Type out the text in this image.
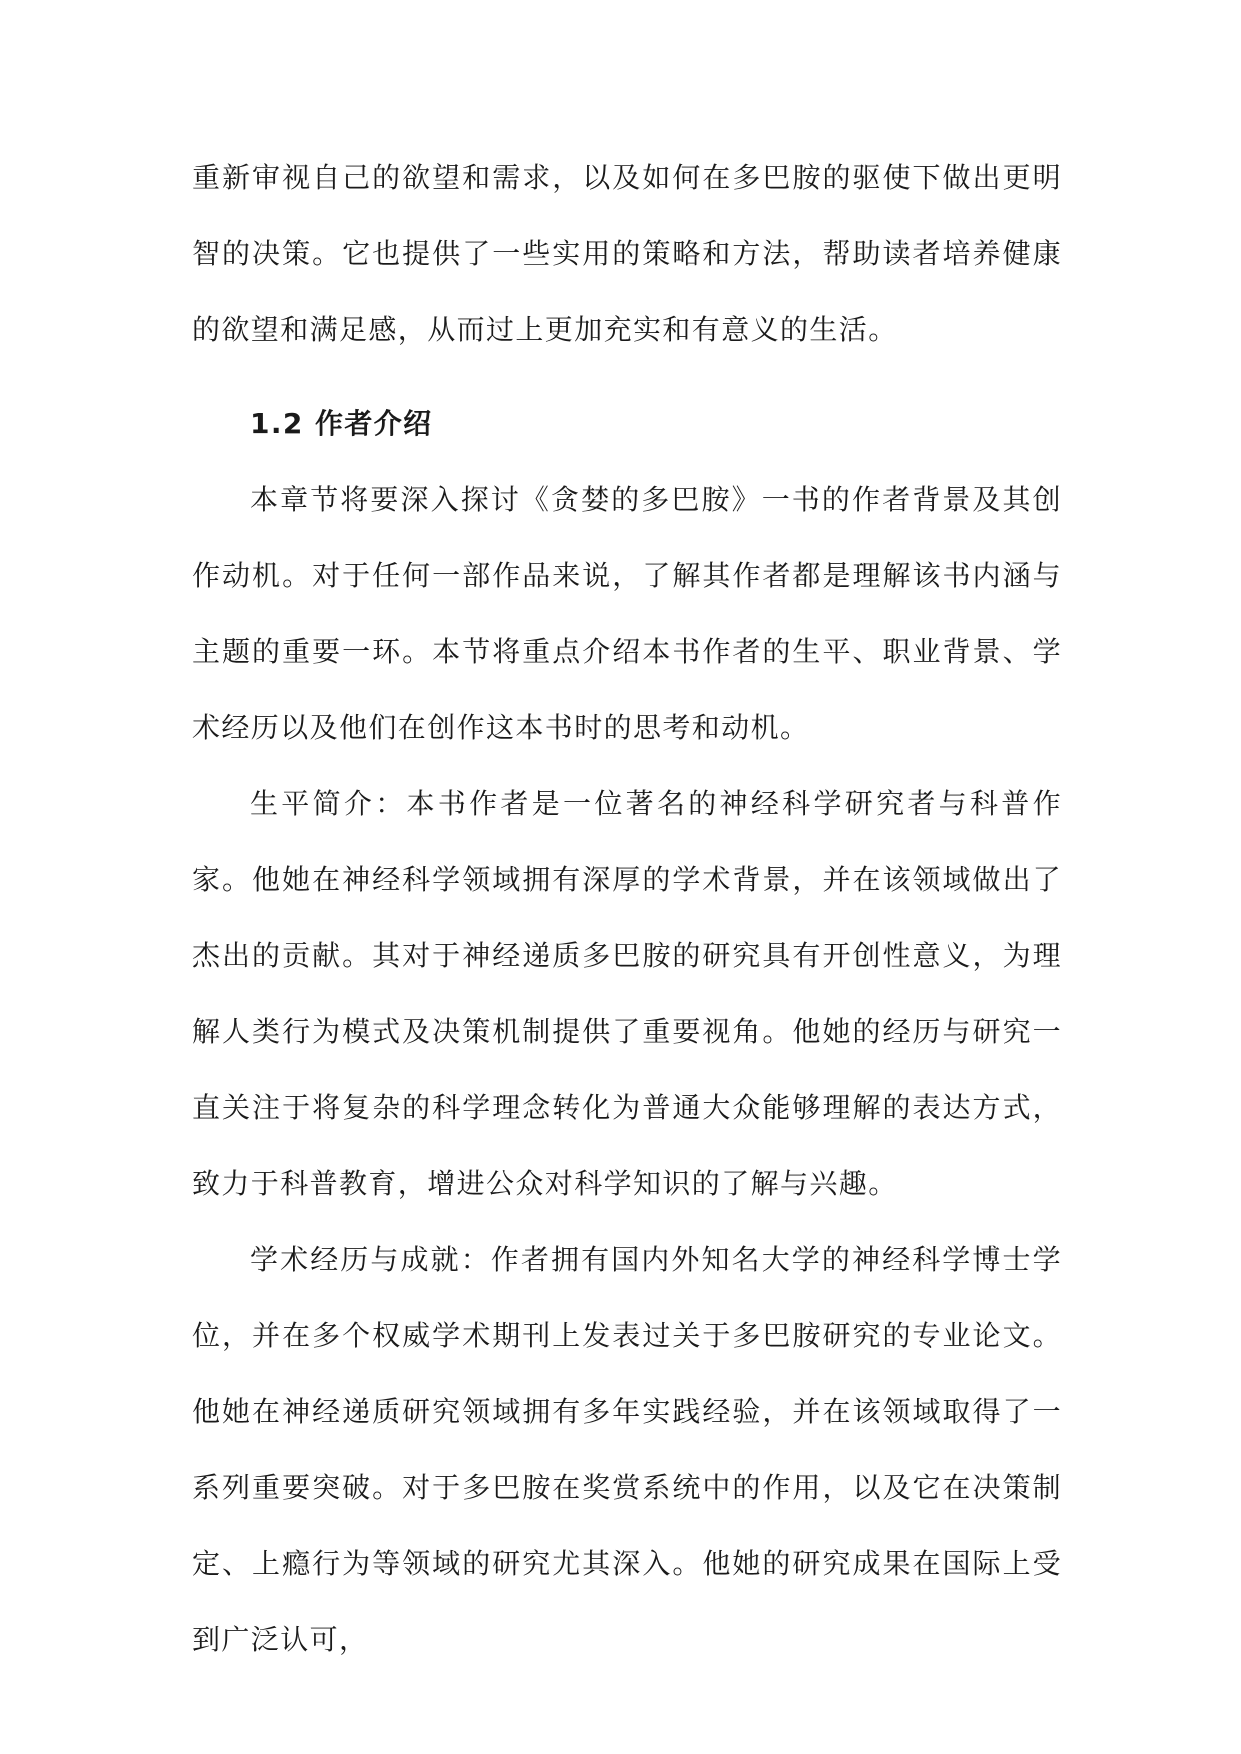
重新审视自己的欲望和需求，以及如何在多巴胺的驱使下做出更明智的决策。它也提供了一些实用的策略和方法，帮助读者培养健康的欲望和满足感，从而过上更加充实和有意义的生活。

1.2 作者介绍

本章节将要深入探讨《贪婪的多巴胺》一书的作者背景及其创作动机。对于任何一部作品来说，了解其作者都是理解该书内涵与主题的重要一环。本节将重点介绍本书作者的生平、职业背景、学术经历以及他们在创作这本书时的思考和动机。

生平简介：本书作者是一位著名的神经科学研究者与科普作家。他她在神经科学领域拥有深厚的学术背景，并在该领域做出了杰出的贡献。其对于神经递质多巴胺的研究具有开创性意义，为理解人类行为模式及决策机制提供了重要视角。他她的经历与研究一直关注于将复杂的科学理念转化为普通大众能够理解的表达方式，致力于科普教育，增进公众对科学知识的了解与兴趣。

学术经历与成就：作者拥有国内外知名大学的神经科学博士学位，并在多个权威学术期刊上发表过关于多巴胺研究的专业论文。他她在神经递质研究领域拥有多年实践经验，并在该领域取得了一系列重要突破。对于多巴胺在奖赏系统中的作用，以及它在决策制定、上瘾行为等领域的研究尤其深入。他她的研究成果在国际上受到广泛认可，
